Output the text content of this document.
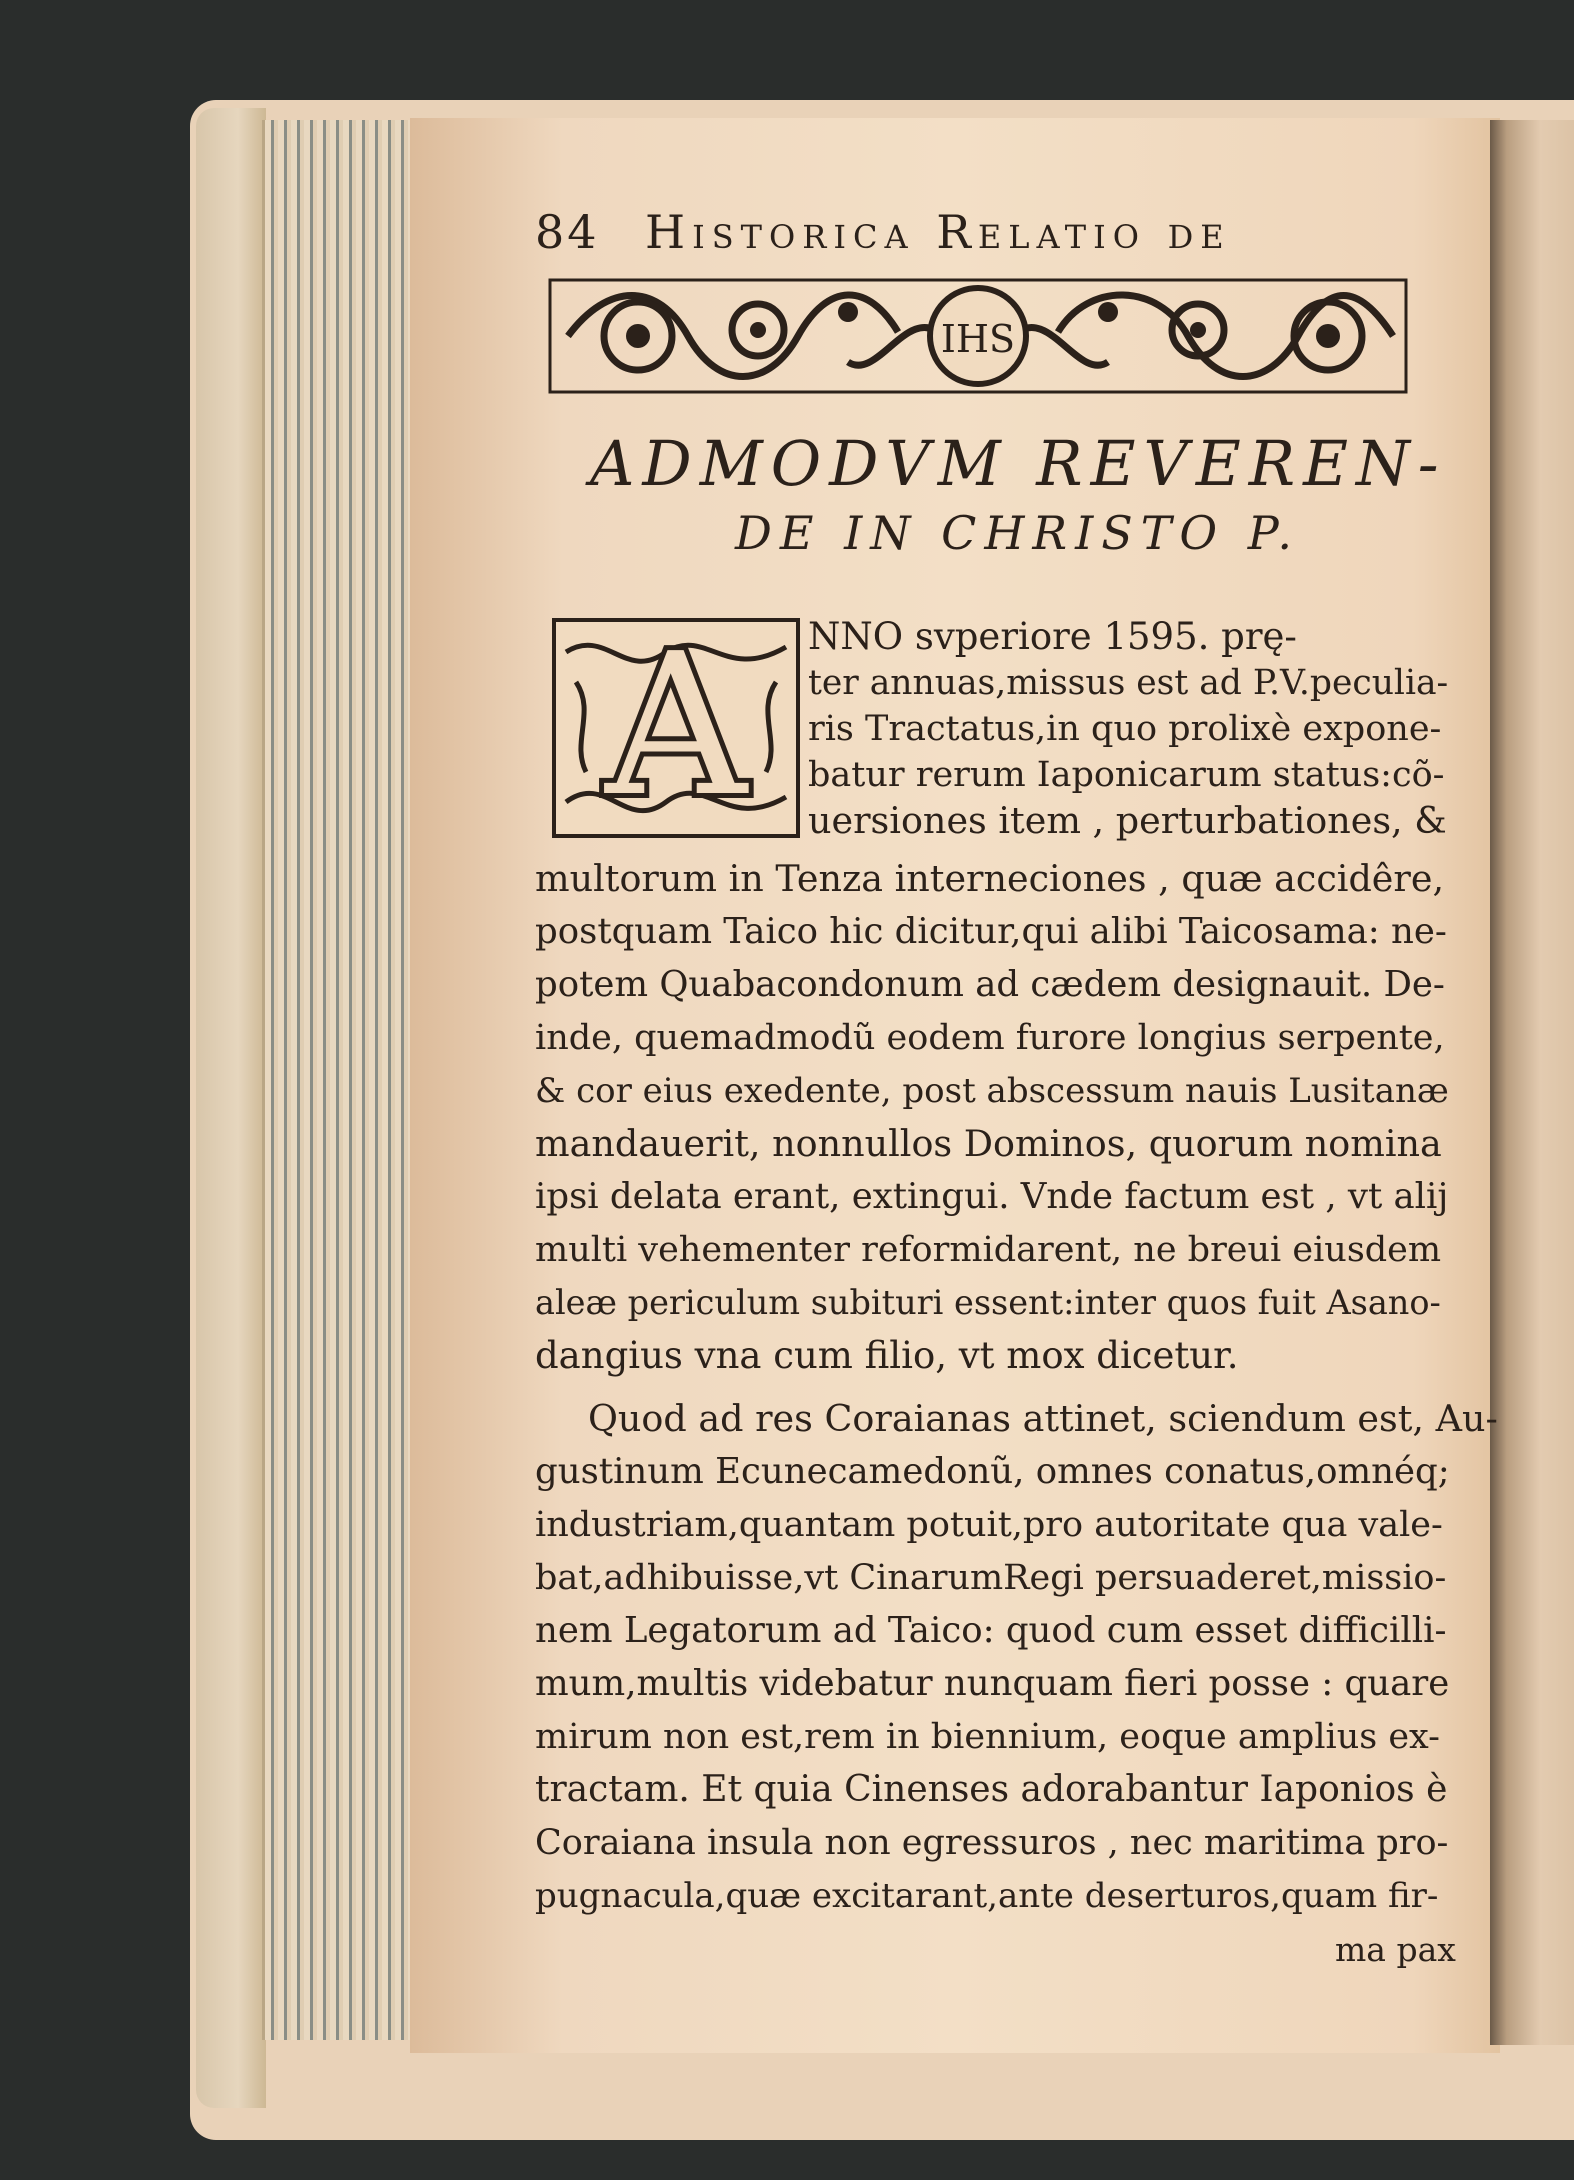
84 Historica Relatio de
IHS
ADMODVM REVEREN-
DE IN CHRISTO P.
A	NNO svperiore 1595. prę-
ter annuas,missus est ad P.V.peculia-
ris Tractatus,in quo prolixè expone-
batur rerum Iaponicarum status:cõ-
uersiones item , perturbationes, &
multorum in Tenza interneciones , quæ accidêre,
postquam Taico hic dicitur,qui alibi Taicosama: ne-
potem Quabacondonum ad cædem designauit. De-
inde, quemadmodũ eodem furore longius serpente,
& cor eius exedente, post abscessum nauis Lusitanæ
mandauerit, nonnullos Dominos, quorum nomina
ipsi delata erant, extingui. Vnde factum est , vt alij
multi vehementer reformidarent, ne breui eiusdem
aleæ periculum subituri essent:inter quos fuit Asano-
dangius vna cum filio, vt mox dicetur.
Quod ad res Coraianas attinet, sciendum est, Au-
gustinum Ecunecamedonũ, omnes conatus,omnéq;
industriam,quantam potuit,pro autoritate qua vale-
bat,adhibuisse,vt CinarumRegi persuaderet,missio-
nem Legatorum ad Taico: quod cum esset difficilli-
mum,multis videbatur nunquam fieri posse : quare
mirum non est,rem in biennium, eoque amplius ex-
tractam. Et quia Cinenses adorabantur Iaponios è
Coraiana insula non egressuros , nec maritima pro-
pugnacula,quæ excitarant,ante deserturos,quam fir-
ma pax
